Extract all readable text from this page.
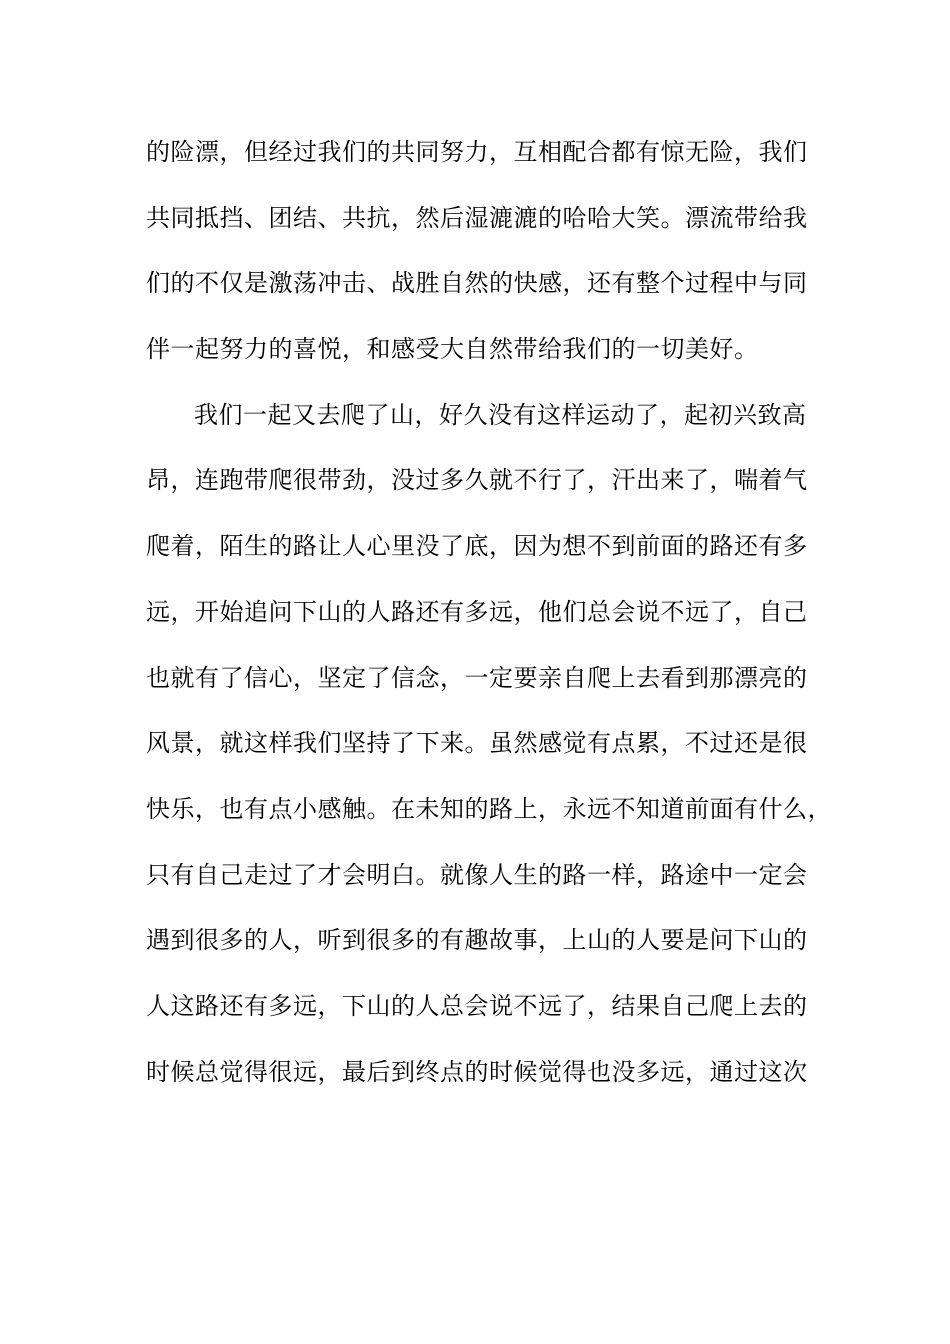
的险漂，但经过我们的共同努力，互相配合都有惊无险，我们
共同抵挡、团结、共抗，然后湿漉漉的哈哈大笑。漂流带给我
们的不仅是激荡冲击、战胜自然的快感，还有整个过程中与同
伴一起努力的喜悦，和感受大自然带给我们的一切美好。
我们一起又去爬了山，好久没有这样运动了，起初兴致高
昂，连跑带爬很带劲，没过多久就不行了，汗出来了，喘着气
爬着，陌生的路让人心里没了底，因为想不到前面的路还有多
远，开始追问下山的人路还有多远，他们总会说不远了，自己
也就有了信心，坚定了信念，一定要亲自爬上去看到那漂亮的
风景，就这样我们坚持了下来。虽然感觉有点累，不过还是很
快乐，也有点小感触。在未知的路上，永远不知道前面有什么，
只有自己走过了才会明白。就像人生的路一样，路途中一定会
遇到很多的人，听到很多的有趣故事，上山的人要是问下山的
人这路还有多远，下山的人总会说不远了，结果自己爬上去的
时候总觉得很远，最后到终点的时候觉得也没多远，通过这次
